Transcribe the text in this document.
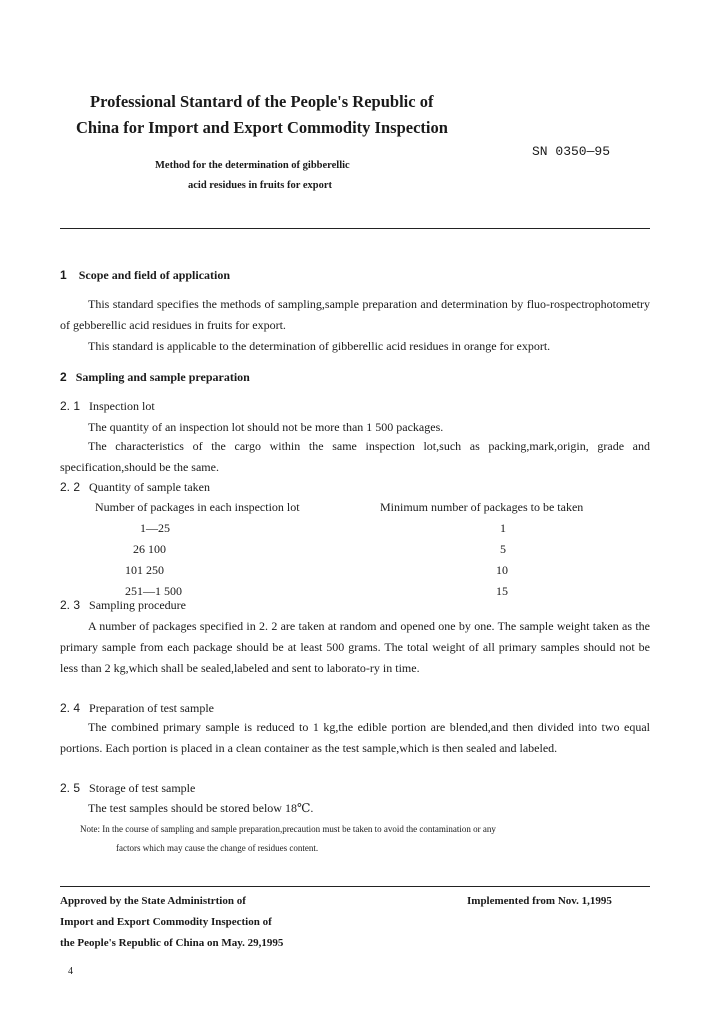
Professional Stantard of the People's Republic of
China for Import and Export Commodity Inspection
SN 0350—95
Method for the determination of gibberellic
acid residues in fruits for export
1 Scope and field of application
This standard specifies the methods of sampling,sample preparation and determination by fluo-rospectrophotometry of gebberellic acid residues in fruits for export.
This standard is applicable to the determination of gibberellic acid residues in orange for export.
2 Sampling and sample preparation
2. 1 Inspection lot
The quantity of an inspection lot should not be more than 1 500 packages.
The characteristics of the cargo within the same inspection lot,such as packing,mark,origin, grade and specification,should be the same.
2. 2 Quantity of sample taken
Number of packages in each inspection lot	Minimum number of packages to be taken
1—25	1
26 100	5
101 250	10
251—1 500	15
2. 3 Sampling procedure
A number of packages specified in 2. 2 are taken at random and opened one by one. The sample weight taken as the primary sample from each package should be at least 500 grams. The total weight of all primary samples should not be less than 2 kg,which shall be sealed,labeled and sent to laborato-ry in time.
2. 4 Preparation of test sample
The combined primary sample is reduced to 1 kg,the edible portion are blended,and then divided into two equal portions. Each portion is placed in a clean container as the test sample,which is then sealed and labeled.
2. 5 Storage of test sample
The test samples should be stored below 18℃.
Note: In the course of sampling and sample preparation,precaution must be taken to avoid the contamination or any
factors which may cause the change of residues content.
Approved by the State Administrtion of
Import and Export Commodity Inspection of
the People's Republic of China on May. 29,1995
Implemented from Nov. 1,1995
4
